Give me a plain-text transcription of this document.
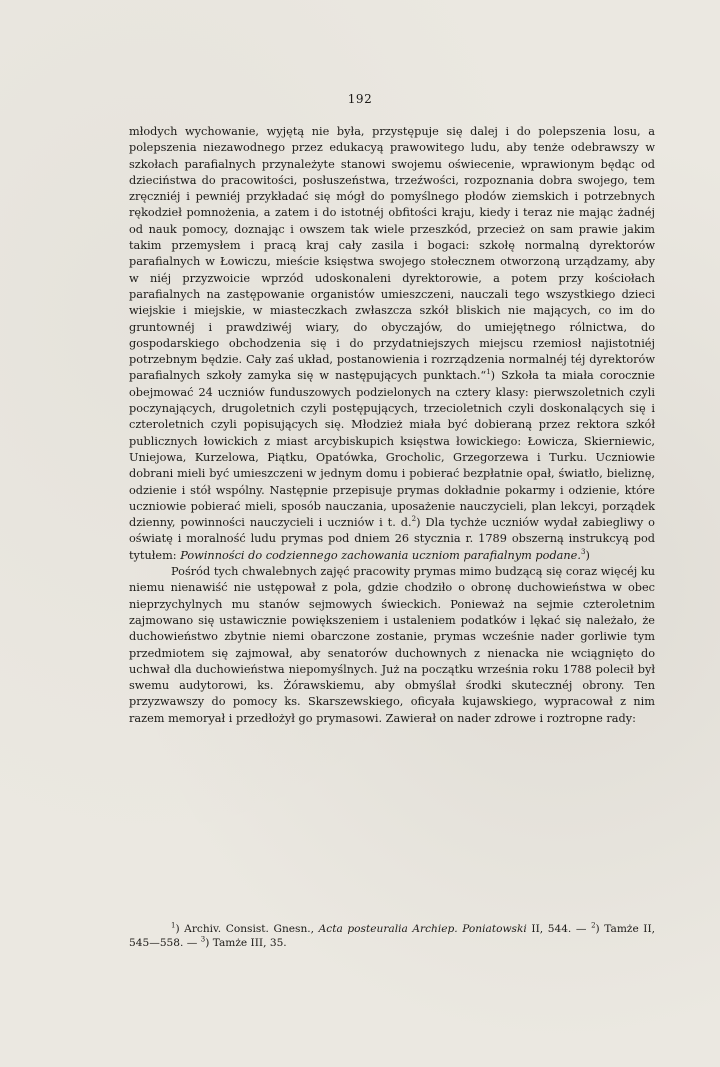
192

młodych wychowanie, wyjętą nie była, przystępuje się dalej i do polepszenia losu, a polepszenia niezawodnego przez edukacyą prawowitego ludu, aby tenże odebrawszy w szkołach parafialnych przynależyte stanowi swojemu oświecenie, wprawionym będąc od dzieciństwa do pracowitości, posłuszeństwa, trzeźwości, rozpoznania dobra swojego, tem zręczniéj i pewniéj przykładać się mógł do pomyślnego płodów ziemskich i potrzebnych rękodzieł pomnożenia, a zatem i do istotnéj obfitości kraju, kiedy i teraz nie mając żadnéj od nauk pomocy, doznając i owszem tak wiele przeszkód, przecież on sam prawie jakim takim przemysłem i pracą kraj cały zasila i bogaci: szkołę normalną dyrektorów parafialnych w Łowiczu, mieście księstwa swojego stołecznem otworzoną urządzamy, aby w niéj przyzwoicie wprzód udoskonaleni dyrektorowie, a potem przy kościołach parafialnych na zastępowanie organistów umieszczeni, nauczali tego wszystkiego dzieci wiejskie i miejskie, w miasteczkach zwłaszcza szkół bliskich nie mających, co im do gruntownéj i prawdziwéj wiary, do obyczajów, do umiejętnego rólnictwa, do gospodarskiego obchodzenia się i do przydatniejszych miejscu rzemiosł najistotniéj potrzebnym będzie. Cały zaś układ, postanowienia i rozrządzenia normalnéj téj dyrektorów parafialnych szkoły zamyka się w następujących punktach.“$^1$) Szkoła ta miała corocznie obejmować 24 uczniów funduszowych podzielonych na cztery klasy: pierwszoletnich czyli poczynających, drugoletnich czyli postępujących, trzecioletnich czyli doskonalących się i czteroletnich czyli popisujących się. Młodzież miała być dobieraną przez rektora szkół publicznych łowickich z miast arcybiskupich księstwa łowickiego: Łowicza, Skierniewic, Uniejowa, Kurzelowa, Piątku, Opatówka, Grocholic, Grzegorzewa i Turku. Uczniowie dobrani mieli być umieszczeni w jednym domu i pobierać bezpłatnie opał, światło, bieliznę, odzienie i stół wspólny. Następnie przepisuje prymas dokładnie pokarmy i odzienie, które uczniowie pobierać mieli, sposób nauczania, uposażenie nauczycieli, plan lekcyi, porządek dzienny, powinności nauczycieli i uczniów i t. d.$^2$) Dla tychże uczniów wydał zabiegliwy o oświatę i moralność ludu prymas pod dniem 26 stycznia r. 1789 obszerną instrukcyą pod tytułem: Powinności do codziennego zachowania uczniom parafialnym podane.$^3$)

Pośród tych chwalebnych zajęć pracowity prymas mimo budzącą się coraz więcéj ku niemu nienawiść nie ustępował z pola, gdzie chodziło o obronę duchowieństwa w obec nieprzychylnych mu stanów sejmowych świeckich. Ponieważ na sejmie czteroletnim zajmowano się ustawicznie powiększeniem i ustaleniem podatków i lękać się należało, że duchowieństwo zbytnie niemi obarczone zostanie, prymas wcześnie nader gorliwie tym przedmiotem się zajmował, aby senatorów duchownych z nienacka nie wciągnięto do uchwał dla duchowieństwa niepomyślnych. Już na początku września roku 1788 polecił był swemu audytorowi, ks. Żórawskiemu, aby obmyślał środki skutecznéj obrony. Ten przyzwawszy do pomocy ks. Skarszewskiego, oficyała kujawskiego, wypracował z nim razem memoryał i przedłożył go prymasowi. Zawierał on nader zdrowe i roztropne rady:

$^1$) Archiv. Consist. Gnesn., Acta posteuralia Archiep. Poniatowski II, 544. — $^2$) Tamże II, 545—558. — $^3$) Tamże III, 35.
